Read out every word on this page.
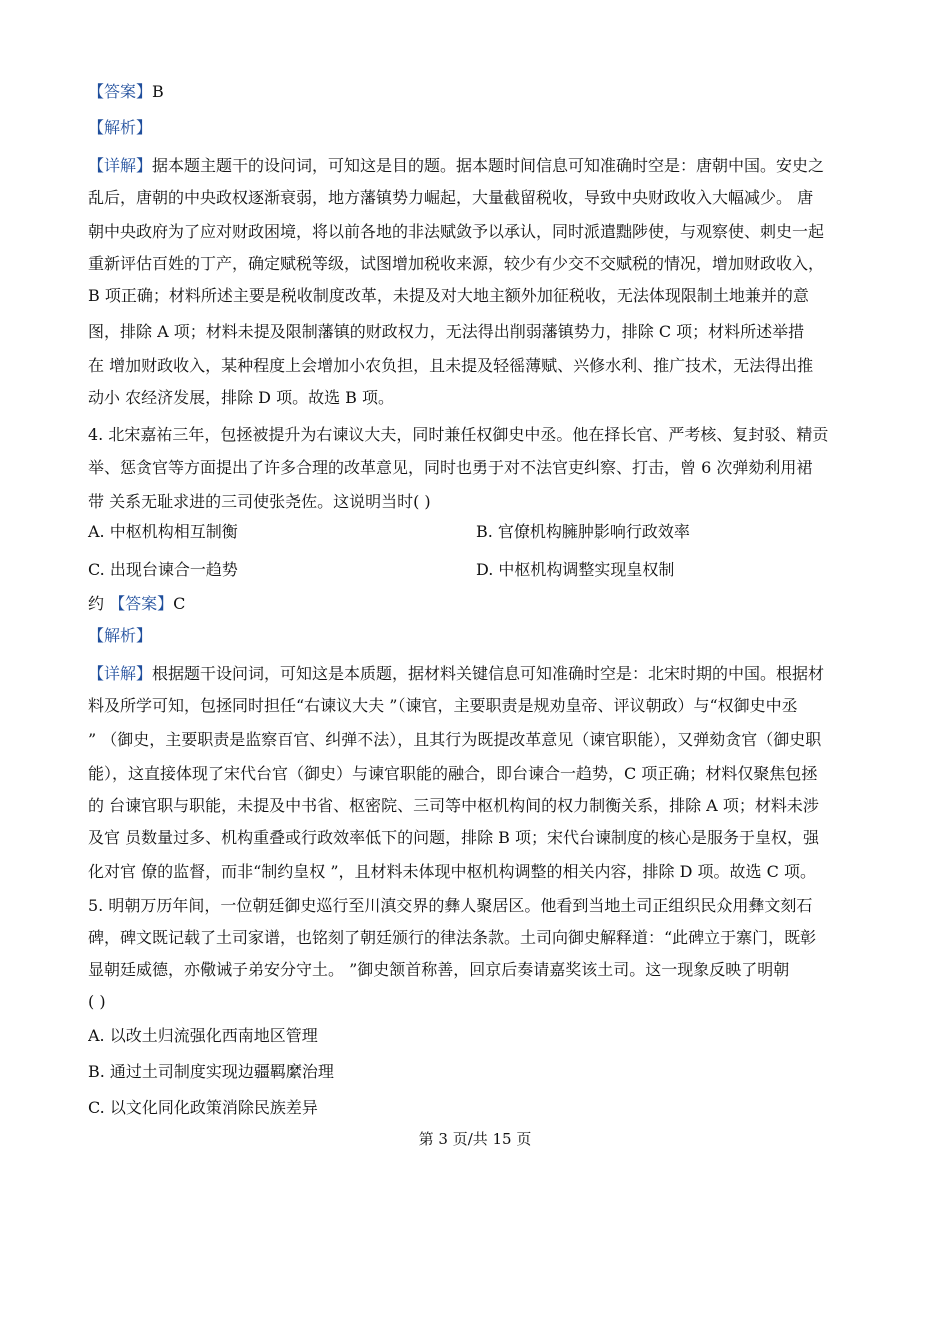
【答案】B
【解析】
【详解】据本题主题干的设问词，可知这是目的题。据本题时间信息可知准确时空是：唐朝中国。安史之
乱后，唐朝的中央政权逐渐衰弱，地方藩镇势力崛起，大量截留税收，导致中央财政收入大幅减少。 唐
朝中央政府为了应对财政困境，将以前各地的非法赋敛予以承认，同时派遣黜陟使，与观察使、刺史一起
重新评估百姓的丁产，确定赋税等级，试图增加税收来源，较少有少交不交赋税的情况，增加财政收入，
B 项正确；材料所述主要是税收制度改革，未提及对大地主额外加征税收，无法体现限制土地兼并的意
图，排除 A 项；材料未提及限制藩镇的财政权力，无法得出削弱藩镇势力，排除 C 项；材料所述举措
在 增加财政收入，某种程度上会增加小农负担，且未提及轻徭薄赋、兴修水利、推广技术，无法得出推
动小 农经济发展，排除 D 项。故选 B 项。
4. 北宋嘉祐三年，包拯被提升为右谏议大夫，同时兼任权御史中丞。他在择长官、严考核、复封驳、精贡
举、惩贪官等方面提出了许多合理的改革意见，同时也勇于对不法官吏纠察、打击，曾 6 次弹劾利用裙
带 关系无耻求进的三司使张尧佐。这说明当时( )
A. 中枢机构相互制衡	B. 官僚机构臃肿影响行政效率
C. 出现台谏合一趋势	D. 中枢机构调整实现皇权制
约 【答案】C
【解析】
【详解】根据题干设问词，可知这是本质题，据材料关键信息可知准确时空是：北宋时期的中国。根据材
料及所学可知，包拯同时担任“右谏议大夫 ”（谏官，主要职责是规劝皇帝、评议朝政）与“权御史中丞
” （御史，主要职责是监察百官、纠弹不法），且其行为既提改革意见（谏官职能），又弹劾贪官（御史职
能），这直接体现了宋代台官（御史）与谏官职能的融合，即台谏合一趋势，C 项正确；材料仅聚焦包拯
的 台谏官职与职能，未提及中书省、枢密院、三司等中枢机构间的权力制衡关系，排除 A 项；材料未涉
及官 员数量过多、机构重叠或行政效率低下的问题，排除 B 项；宋代台谏制度的核心是服务于皇权，强
化对官 僚的监督，而非“制约皇权 ”，且材料未体现中枢机构调整的相关内容，排除 D 项。故选 C 项。
5. 明朝万历年间，一位朝廷御史巡行至川滇交界的彝人聚居区。他看到当地土司正组织民众用彝文刻石
碑，碑文既记载了土司家谱，也铭刻了朝廷颁行的律法条款。土司向御史解释道：“此碑立于寨门，既彰
显朝廷威德，亦儆诫子弟安分守土。 ”御史颔首称善，回京后奏请嘉奖该土司。这一现象反映了明朝
( )
A. 以改土归流强化西南地区管理
B. 通过土司制度实现边疆羁縻治理
C. 以文化同化政策消除民族差异
第 3 页/共 15 页
